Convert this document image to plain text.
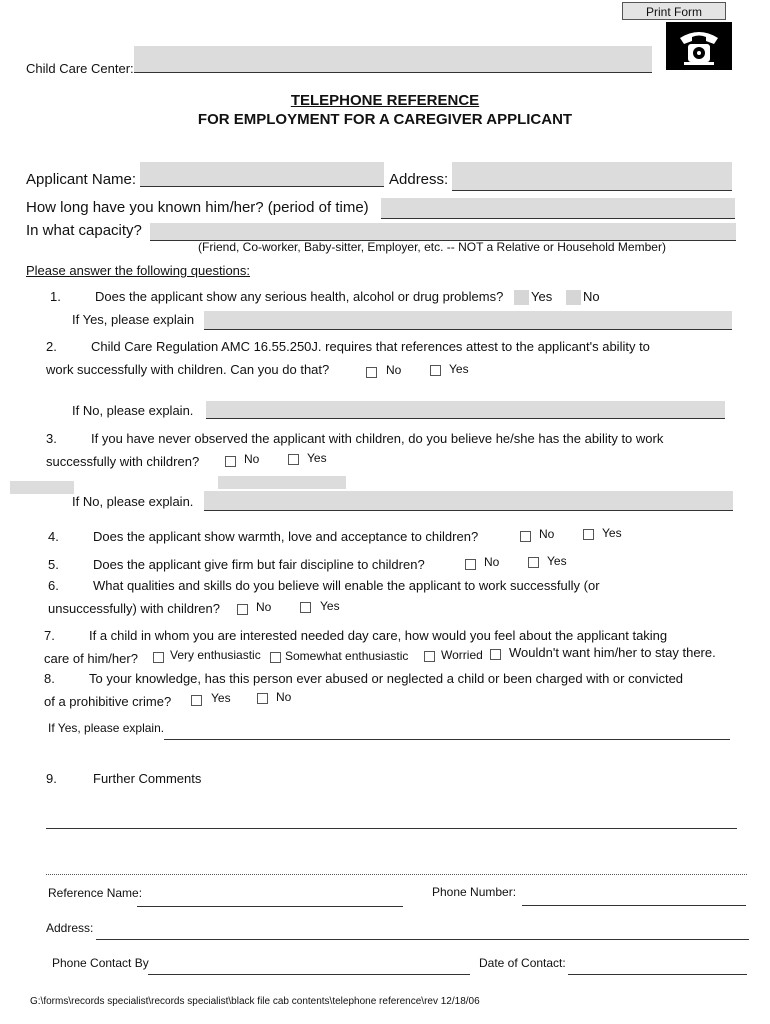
Print Form
Child Care Center:
TELEPHONE REFERENCE
FOR EMPLOYMENT FOR A CAREGIVER APPLICANT
Applicant Name:	Address:
How long have you known him/her? (period of time)
In what capacity?
(Friend, Co-worker, Baby-sitter, Employer, etc. -- NOT a Relative or Household Member)
Please answer the following questions:
1.	Does the applicant show any serious health, alcohol or drug problems? Yes No
If Yes, please explain
2.	Child Care Regulation AMC 16.55.250J. requires that references attest to the applicant's ability to
work successfully with children. Can you do that?	No	Yes
If No, please explain.
3.	If you have never observed the applicant with children, do you believe he/she has the ability to work
successfully with children?	No	Yes
If No, please explain.
4.	Does the applicant show warmth, love and acceptance to children?	No	Yes
5.	Does the applicant give firm but fair discipline to children?	No	Yes
6.	What qualities and skills do you believe will enable the applicant to work successfully (or
unsuccessfully) with children?	No	Yes
7.	If a child in whom you are interested needed day care, how would you feel about the applicant taking
care of him/her?	Very enthusiastic Somewhat enthusiastic	Worried Wouldn't want him/her to stay there.
8.	To your knowledge, has this person ever abused or neglected a child or been charged with or convicted
of a prohibitive crime?	Yes	No
If Yes, please explain.
9.	Further Comments
Reference Name:	Phone Number:
Address:
Phone Contact By	Date of Contact:
G:\forms\records specialist\records specialist\black file cab contents\telephone reference\rev 12/18/06
